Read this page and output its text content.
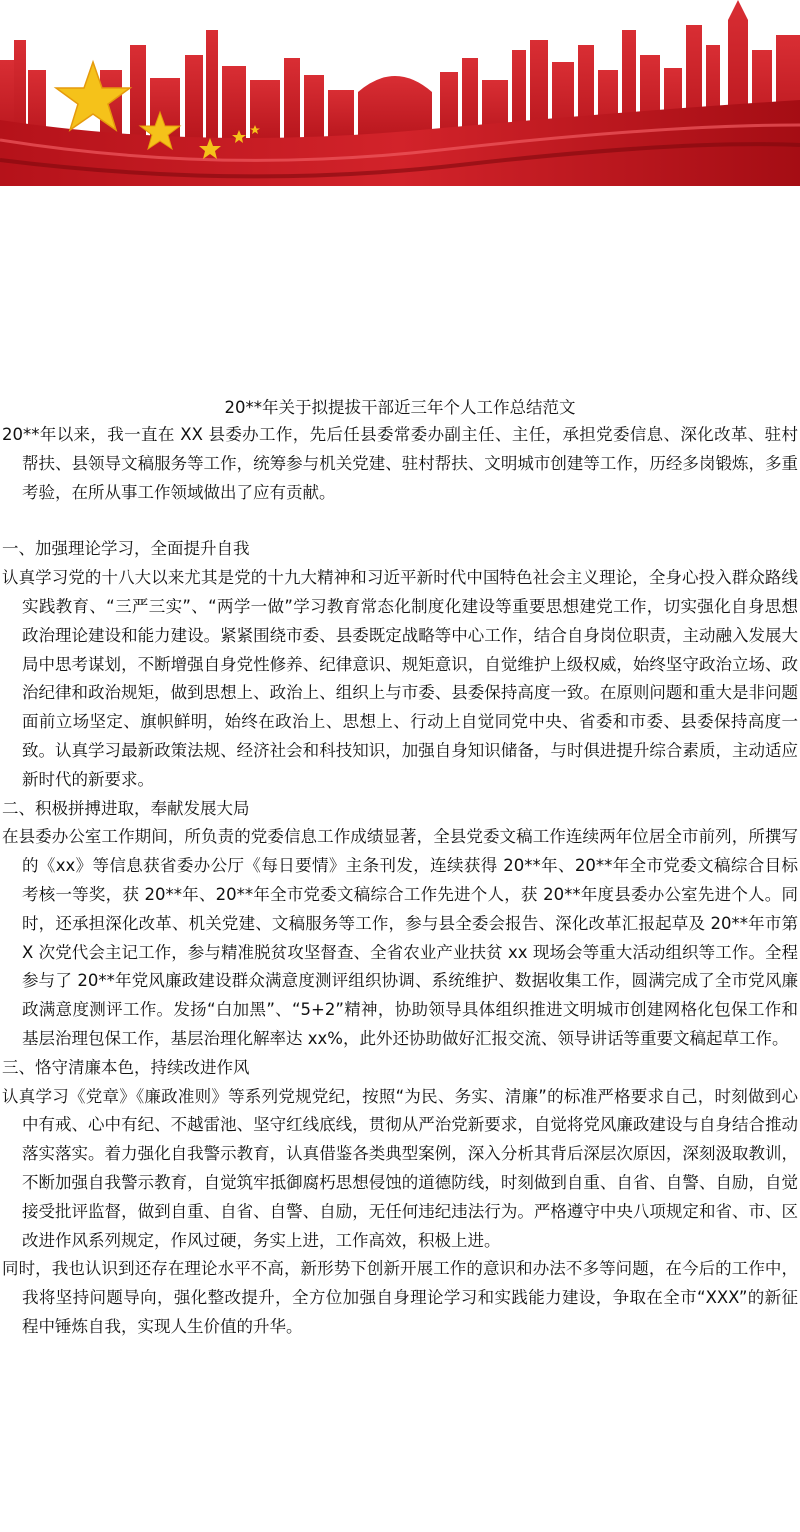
20**年关于拟提拔干部近三年个人工作总结范文

20**年以来，我一直在 XX 县委办工作，先后任县委常委办副主任、主任，承担党委信息、深化改革、驻村帮扶、县领导文稿服务等工作，统筹参与机关党建、驻村帮扶、文明城市创建等工作，历经多岗锻炼，多重考验，在所从事工作领域做出了应有贡献。

一、加强理论学习，全面提升自我

认真学习党的十八大以来尤其是党的十九大精神和习近平新时代中国特色社会主义理论，全身心投入群众路线实践教育、“三严三实”、“两学一做”学习教育常态化制度化建设等重要思想建党工作，切实强化自身思想政治理论建设和能力建设。紧紧围绕市委、县委既定战略等中心工作，结合自身岗位职责，主动融入发展大局中思考谋划，不断增强自身党性修养、纪律意识、规矩意识，自觉维护上级权威，始终坚守政治立场、政治纪律和政治规矩，做到思想上、政治上、组织上与市委、县委保持高度一致。在原则问题和重大是非问题面前立场坚定、旗帜鲜明，始终在政治上、思想上、行动上自觉同党中央、省委和市委、县委保持高度一致。认真学习最新政策法规、经济社会和科技知识，加强自身知识储备，与时俱进提升综合素质，主动适应新时代的新要求。

二、积极拼搏进取，奉献发展大局

在县委办公室工作期间，所负责的党委信息工作成绩显著，全县党委文稿工作连续两年位居全市前列，所撰写的《xx》等信息获省委办公厅《每日要情》主条刊发，连续获得 20**年、20**年全市党委文稿综合目标考核一等奖，获 20**年、20**年全市党委文稿综合工作先进个人，获 20**年度县委办公室先进个人。同时，还承担深化改革、机关党建、文稿服务等工作，参与县全委会报告、深化改革汇报起草及 20**年市第 X 次党代会主记工作，参与精准脱贫攻坚督查、全省农业产业扶贫 xx 现场会等重大活动组织等工作。全程参与了 20**年党风廉政建设群众满意度测评组织协调、系统维护、数据收集工作，圆满完成了全市党风廉政满意度测评工作。发扬“白加黑”、“5+2”精神，协助领导具体组织推进文明城市创建网格化包保工作和基层治理包保工作，基层治理化解率达 xx%，此外还协助做好汇报交流、领导讲话等重要文稿起草工作。

三、恪守清廉本色，持续改进作风

认真学习《党章》《廉政准则》等系列党规党纪，按照“为民、务实、清廉”的标准严格要求自己，时刻做到心中有戒、心中有纪、不越雷池、坚守红线底线，贯彻从严治党新要求，自觉将党风廉政建设与自身结合推动落实落实。着力强化自我警示教育，认真借鉴各类典型案例，深入分析其背后深层次原因，深刻汲取教训，不断加强自我警示教育，自觉筑牢抵御腐朽思想侵蚀的道德防线，时刻做到自重、自省、自警、自励，自觉接受批评监督，做到自重、自省、自警、自励，无任何违纪违法行为。严格遵守中央八项规定和省、市、区改进作风系列规定，作风过硬，务实上进，工作高效，积极上进。

同时，我也认识到还存在理论水平不高，新形势下创新开展工作的意识和办法不多等问题，在今后的工作中，我将坚持问题导向，强化整改提升，全方位加强自身理论学习和实践能力建设，争取在全市“XXX”的新征程中锤炼自我，实现人生价值的升华。
